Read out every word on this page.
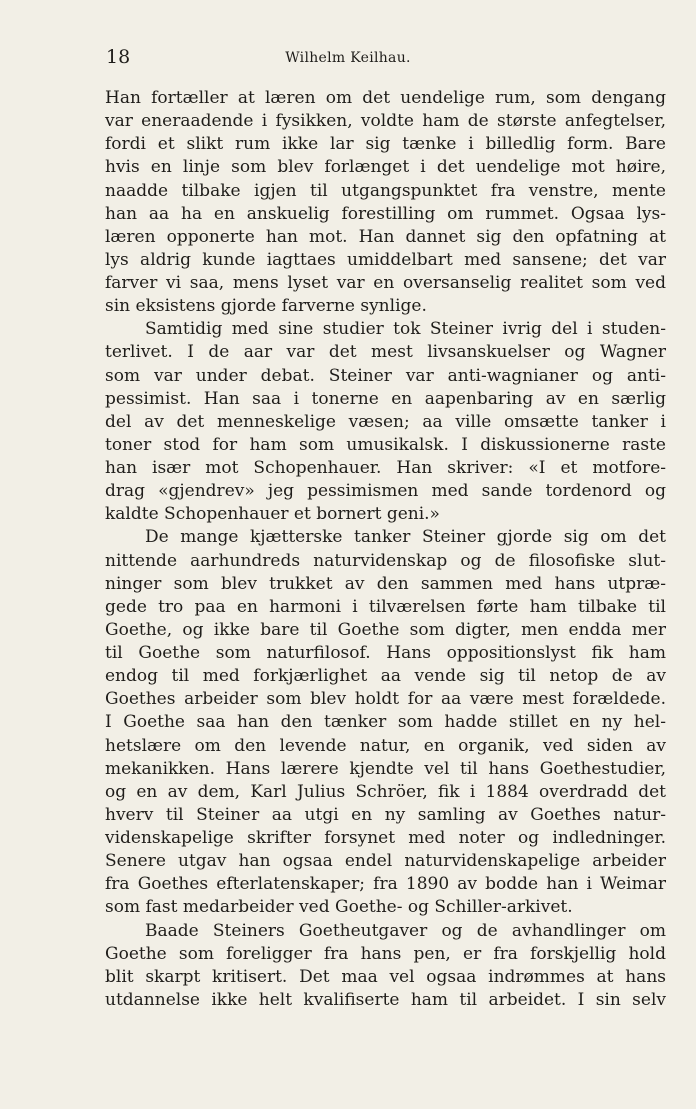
18	Wilhelm Keilhau.
Han fortæller at læren om det uendelige rum, som dengang
var eneraadende i fysikken, voldte ham de største anfegtelser,
fordi et slikt rum ikke lar sig tænke i billedlig form. Bare
hvis en linje som blev forlænget i det uendelige mot høire,
naadde tilbake igjen til utgangspunktet fra venstre, mente
han aa ha en anskuelig forestilling om rummet. Ogsaa lys-
læren opponerte han mot. Han dannet sig den opfatning at
lys aldrig kunde iagttaes umiddelbart med sansene; det var
farver vi saa, mens lyset var en oversanselig realitet som ved
sin eksistens gjorde farverne synlige.
Samtidig med sine studier tok Steiner ivrig del i studen-
terlivet. I de aar var det mest livsanskuelser og Wagner
som var under debat. Steiner var anti-wagnianer og anti-
pessimist. Han saa i tonerne en aapenbaring av en særlig
del av det menneskelige væsen; aa ville omsætte tanker i
toner stod for ham som umusikalsk. I diskussionerne raste
han især mot Schopenhauer. Han skriver: «I et motfore-
drag «gjendrev» jeg pessimismen med sande tordenord og
kaldte Schopenhauer et bornert geni.»
De mange kjætterske tanker Steiner gjorde sig om det
nittende aarhundreds naturvidenskap og de filosofiske slut-
ninger som blev trukket av den sammen med hans utpræ-
gede tro paa en harmoni i tilværelsen førte ham tilbake til
Goethe, og ikke bare til Goethe som digter, men endda mer
til Goethe som naturfilosof. Hans oppositionslyst fik ham
endog til med forkjærlighet aa vende sig til netop de av
Goethes arbeider som blev holdt for aa være mest forældede.
I Goethe saa han den tænker som hadde stillet en ny hel-
hetslære om den levende natur, en organik, ved siden av
mekanikken. Hans lærere kjendte vel til hans Goethestudier,
og en av dem, Karl Julius Schröer, fik i 1884 overdradd det
hverv til Steiner aa utgi en ny samling av Goethes natur-
videnskapelige skrifter forsynet med noter og indledninger.
Senere utgav han ogsaa endel naturvidenskapelige arbeider
fra Goethes efterlatenskaper; fra 1890 av bodde han i Weimar
som fast medarbeider ved Goethe- og Schiller-arkivet.
Baade Steiners Goetheutgaver og de avhandlinger om
Goethe som foreligger fra hans pen, er fra forskjellig hold
blit skarpt kritisert. Det maa vel ogsaa indrømmes at hans
utdannelse ikke helt kvalifiserte ham til arbeidet. I sin selv
